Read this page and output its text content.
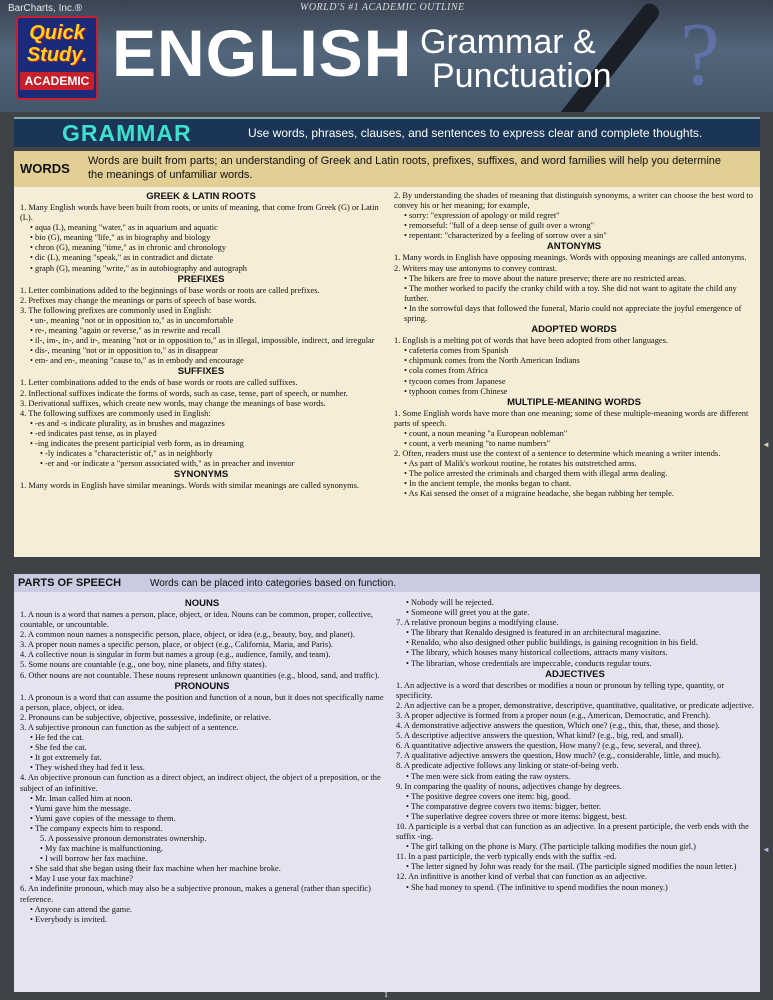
BarCharts, Inc.®	WORLD'S #1 ACADEMIC OUTLINE
Quick
Study.
ACADEMIC ENGLISH Grammar &
Punctuation ?
GRAMMAR	Use words, phrases, clauses, and sentences to express clear and complete thoughts.
WORDS Words are built from parts; an understanding of Greek and Latin roots, prefixes, suffixes, and word families will help you determine the meanings of unfamiliar words.
GREEK & LATIN ROOTS

1. Many English words have been built from roots, or units of meaning, that come from Greek (G) or Latin (L).

• aqua (L), meaning "water," as in aquarium and aquatic

• bio (G), meaning "life," as in biography and biology

• chron (G), meaning "time," as in chronic and chronology

• dic (L), meaning "speak," as in contradict and dictate

• graph (G), meaning "write," as in autobiography and autograph

PREFIXES

1. Letter combinations added to the beginnings of base words or roots are called prefixes.

2. Prefixes may change the meanings or parts of speech of base words.

3. The following prefixes are commonly used in English:

• un-, meaning "not or in opposition to," as in uncomfortable

• re-, meaning "again or reverse," as in rewrite and recall

• il-, im-, in-, and ir-, meaning "not or in opposition to," as in illegal, impossible, indirect, and irregular

• dis-, meaning "not or in opposition to," as in disappear

• em- and en-, meaning "cause to," as in embody and encourage

SUFFIXES

1. Letter combinations added to the ends of base words or roots are called suffixes.

2. Inflectional suffixes indicate the forms of words, such as case, tense, part of speech, or number.

3. Derivational suffixes, which create new words, may change the meanings of base words.

4. The following suffixes are commonly used in English:

• -es and -s indicate plurality, as in brushes and magazines

• -ed indicates past tense, as in played

• -ing indicates the present participial verb form, as in dreaming

• -ly indicates a "characteristic of," as in neighborly

• -er and -or indicate a "person associated with," as in preacher and inventor

SYNONYMS

1. Many words in English have similar meanings. Words with similar meanings are called synonyms.

2. By understanding the shades of meaning that distinguish synonyms, a writer can choose the best word to convey his or her meaning; for example,

• sorry: "expression of apology or mild regret"

• remorseful: "full of a deep sense of guilt over a wrong"

• repentant: "characterized by a feeling of sorrow over a sin"

ANTONYMS

1. Many words in English have opposing meanings. Words with opposing meanings are called antonyms.

2. Writers may use antonyms to convey contrast.

• The hikers are free to move about the nature preserve; there are no restricted areas.

• The mother worked to pacify the cranky child with a toy. She did not want to agitate the child any further.

• In the sorrowful days that followed the funeral, Mario could not appreciate the joyful emergence of spring.

ADOPTED WORDS

1. English is a melting pot of words that have been adopted from other languages.

• cafeteria comes from Spanish

• chipmunk comes from the North American Indians

• cola comes from Africa

• tycoon comes from Japanese

• typhoon comes from Chinese

MULTIPLE-MEANING WORDS

1. Some English words have more than one meaning; some of these multiple-meaning words are different parts of speech.

• count, a noun meaning "a European nobleman"

• count, a verb meaning "to name numbers"

2. Often, readers must use the context of a sentence to determine which meaning a writer intends.

• As part of Malik's workout routine, he rotates his outstretched arms.

• The police arrested the criminals and charged them with illegal arms dealing.

• In the ancient temple, the monks began to chant.

• As Kai sensed the onset of a migraine headache, she began rubbing her temple.

◄
PARTS OF SPEECH	Words can be placed into categories based on function.
NOUNS

1. A noun is a word that names a person, place, object, or idea. Nouns can be common, proper, collective, countable, or uncountable.

2. A common noun names a nonspecific person, place, object, or idea (e.g., beauty, boy, and planet).

3. A proper noun names a specific person, place, or object (e.g., California, Maria, and Paris).

4. A collective noun is singular in form but names a group (e.g., audience, family, and team).

5. Some nouns are countable (e.g., one boy, nine planets, and fifty states).

6. Other nouns are not countable. These nouns represent unknown quantities (e.g., blood, sand, and traffic).

PRONOUNS

1. A pronoun is a word that can assume the position and function of a noun, but it does not specifically name a person, place, object, or idea.

2. Pronouns can be subjective, objective, possessive, indefinite, or relative.

3. A subjective pronoun can function as the subject of a sentence.

• He fed the cat.

• She fed the cat.

• It got extremely fat.

• They wished they had fed it less.

4. An objective pronoun can function as a direct object, an indirect object, the object of a preposition, or the subject of an infinitive.

• Mr. Iman called him at noon.

• Yumi gave him the message.

• Yumi gave copies of the message to them.

• The company expects him to respond.

5. A possessive pronoun demonstrates ownership.

• My fax machine is malfunctioning.

• I will borrow her fax machine.

• She said that she began using their fax machine when her machine broke.

• May I use your fax machine?

6. An indefinite pronoun, which may also be a subjective pronoun, makes a general (rather than specific) reference.

• Anyone can attend the game.

• Everybody is invited.

• Nobody will be rejected.

• Someone will greet you at the gate.

7. A relative pronoun begins a modifying clause.

• The library that Renaldo designed is featured in an architectural magazine.

• Renaldo, who also designed other public buildings, is gaining recognition in his field.

• The library, which houses many historical collections, attracts many visitors.

• The librarian, whose credentials are impeccable, conducts regular tours.

ADJECTIVES

1. An adjective is a word that describes or modifies a noun or pronoun by telling type, quantity, or specificity.

2. An adjective can be a proper, demonstrative, descriptive, quantitative, qualitative, or predicate adjective.

3. A proper adjective is formed from a proper noun (e.g., American, Democratic, and French).

4. A demonstrative adjective answers the question, Which one? (e.g., this, that, these, and those).

5. A descriptive adjective answers the question, What kind? (e.g., big, red, and small).

6. A quantitative adjective answers the question, How many? (e.g., few, several, and three).

7. A qualitative adjective answers the question, How much? (e.g., considerable, little, and much).

8. A predicate adjective follows any linking or state-of-being verb.

• The men were sick from eating the raw oysters.

9. In comparing the quality of nouns, adjectives change by degrees.

• The positive degree covers one item: big, good.

• The comparative degree covers two items: bigger, better.

• The superlative degree covers three or more items: biggest, best.

10. A participle is a verbal that can function as an adjective. In a present participle, the verb ends with the suffix -ing.

• The girl talking on the phone is Mary. (The participle talking modifies the noun girl.)

11. In a past participle, the verb typically ends with the suffix -ed.

• The letter signed by John was ready for the mail. (The participle signed modifies the noun letter.)

12. An infinitive is another kind of verbal that can function as an adjective.

• She had money to spend. (The infinitive to spend modifies the noun money.)

◄
1
